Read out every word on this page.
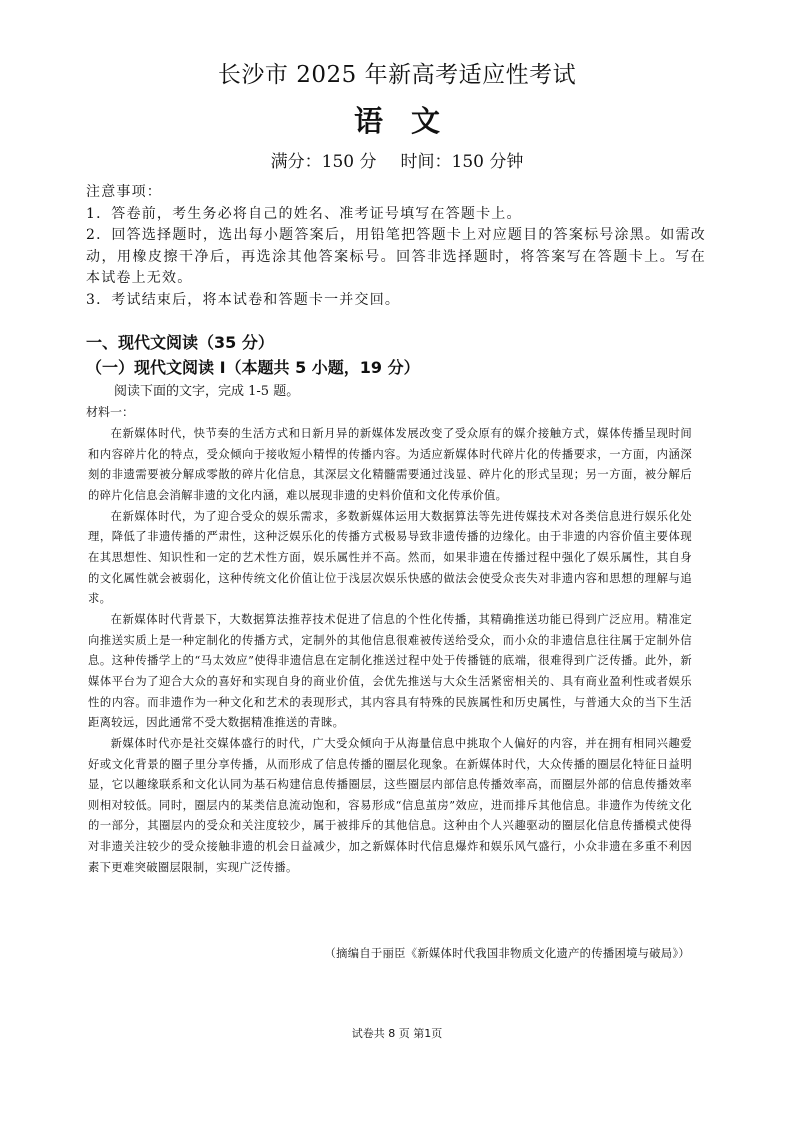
长沙市 2025 年新高考适应性考试
语文
满分：150 分 时间：150 分钟
注意事项：
1．答卷前，考生务必将自己的姓名、准考证号填写在答题卡上。
2．回答选择题时，选出每小题答案后，用铅笔把答题卡上对应题目的答案标号涂黑。如需改动，用橡皮擦干净后，再选涂其他答案标号。回答非选择题时，将答案写在答题卡上。写在本试卷上无效。
3．考试结束后，将本试卷和答题卡一并交回。
一、现代文阅读（35 分）
（一）现代文阅读 I（本题共 5 小题，19 分）
阅读下面的文字，完成 1-5 题。
材料一：

在新媒体时代，快节奏的生活方式和日新月异的新媒体发展改变了受众原有的媒介接触方式，媒体传播呈现时间和内容碎片化的特点，受众倾向于接收短小精悍的传播内容。为适应新媒体时代碎片化的传播要求，一方面，内涵深刻的非遗需要被分解成零散的碎片化信息，其深层文化精髓需要通过浅显、碎片化的形式呈现；另一方面，被分解后的碎片化信息会消解非遗的文化内涵，难以展现非遗的史料价值和文化传承价值。

在新媒体时代，为了迎合受众的娱乐需求，多数新媒体运用大数据算法等先进传媒技术对各类信息进行娱乐化处理，降低了非遗传播的严肃性，这种泛娱乐化的传播方式极易导致非遗传播的边缘化。由于非遗的内容价值主要体现在其思想性、知识性和一定的艺术性方面，娱乐属性并不高。然而，如果非遗在传播过程中强化了娱乐属性，其自身的文化属性就会被弱化，这种传统文化价值让位于浅层次娱乐快感的做法会使受众丧失对非遗内容和思想的理解与追求。

在新媒体时代背景下，大数据算法推荐技术促进了信息的个性化传播，其精确推送功能已得到广泛应用。精准定向推送实质上是一种定制化的传播方式，定制外的其他信息很难被传送给受众，而小众的非遗信息往往属于定制外信息。这种传播学上的“马太效应”使得非遗信息在定制化推送过程中处于传播链的底端，很难得到广泛传播。此外，新媒体平台为了迎合大众的喜好和实现自身的商业价值，会优先推送与大众生活紧密相关的、具有商业盈利性或者娱乐性的内容。而非遗作为一种文化和艺术的表现形式，其内容具有特殊的民族属性和历史属性，与普通大众的当下生活距离较远，因此通常不受大数据精准推送的青睐。

新媒体时代亦是社交媒体盛行的时代，广大受众倾向于从海量信息中挑取个人偏好的内容，并在拥有相同兴趣爱好或文化背景的圈子里分享传播，从而形成了信息传播的圈层化现象。在新媒体时代，大众传播的圈层化特征日益明显，它以趣缘联系和文化认同为基石构建信息传播圈层，这些圈层内部信息传播效率高，而圈层外部的信息传播效率则相对较低。同时，圈层内的某类信息流动饱和，容易形成“信息茧房”效应，进而排斥其他信息。非遗作为传统文化的一部分，其圈层内的受众和关注度较少，属于被排斥的其他信息。这种由个人兴趣驱动的圈层化信息传播模式使得对非遗关注较少的受众接触非遗的机会日益减少，加之新媒体时代信息爆炸和娱乐风气盛行，小众非遗在多重不利因素下更难突破圈层限制，实现广泛传播。

（摘编自于丽臣《新媒体时代我国非物质文化遗产的传播困境与破局》）
试卷共 8 页 第1页
